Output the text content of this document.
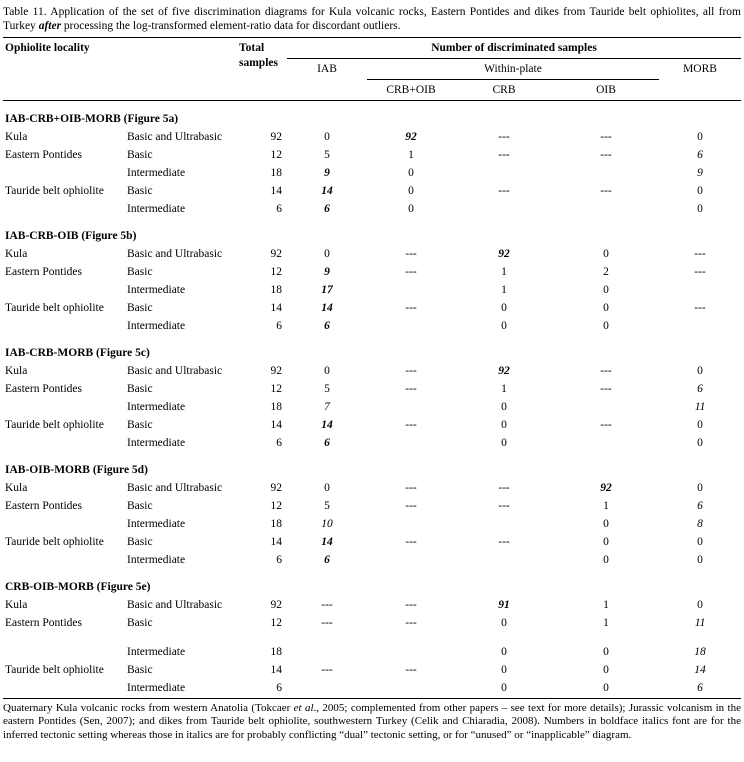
Table 11. Application of the set of five discrimination diagrams for Kula volcanic rocks, Eastern Pontides and dikes from Tauride belt ophiolites, all from Turkey after processing the log-transformed element-ratio data for discordant outliers.

Ophiolite locality		Total samples	Number of discriminated samples				
			IAB	Within-plate			MORB
				CRB+OIB	CRB	OIB	
IAB-CRB+OIB-MORB (Figure 5a)							
Kula	Basic and Ultrabasic	92	0	92	---	---	0
Eastern Pontides	Basic	12	5	1	---	---	6
	Intermediate	18	9	0			9
Tauride belt ophiolite	Basic	14	14	0	---	---	0
	Intermediate	6	6	0			0
IAB-CRB-OIB (Figure 5b)							
Kula	Basic and Ultrabasic	92	0	---	92	0	---
Eastern Pontides	Basic	12	9	---	1	2	---
	Intermediate	18	17		1	0	
Tauride belt ophiolite	Basic	14	14	---	0	0	---
	Intermediate	6	6		0	0	
IAB-CRB-MORB (Figure 5c)							
Kula	Basic and Ultrabasic	92	0	---	92	---	0
Eastern Pontides	Basic	12	5	---	1	---	6
	Intermediate	18	7		0		11
Tauride belt ophiolite	Basic	14	14	---	0	---	0
	Intermediate	6	6		0		0
IAB-OIB-MORB (Figure 5d)							
Kula	Basic and Ultrabasic	92	0	---	---	92	0
Eastern Pontides	Basic	12	5	---	---	1	6
	Intermediate	18	10			0	8
Tauride belt ophiolite	Basic	14	14	---	---	0	0
	Intermediate	6	6			0	0
CRB-OIB-MORB (Figure 5e)							
Kula	Basic and Ultrabasic	92	---	---	91	1	0
Eastern Pontides	Basic	12	---	---	0	1	11
	Intermediate	18			0	0	18
Tauride belt ophiolite	Basic	14	---	---	0	0	14
	Intermediate	6			0	0	6

Quaternary Kula volcanic rocks from western Anatolia (Tokcaer et al., 2005; complemented from other papers – see text for more details); Jurassic volcanism in the eastern Pontides (Sen, 2007); and dikes from Tauride belt ophiolite, southwestern Turkey (Celik and Chiaradia, 2008). Numbers in boldface italics font are for the inferred tectonic setting whereas those in italics are for probably conflicting “dual” tectonic setting, or for “unused” or “inapplicable” diagram.
